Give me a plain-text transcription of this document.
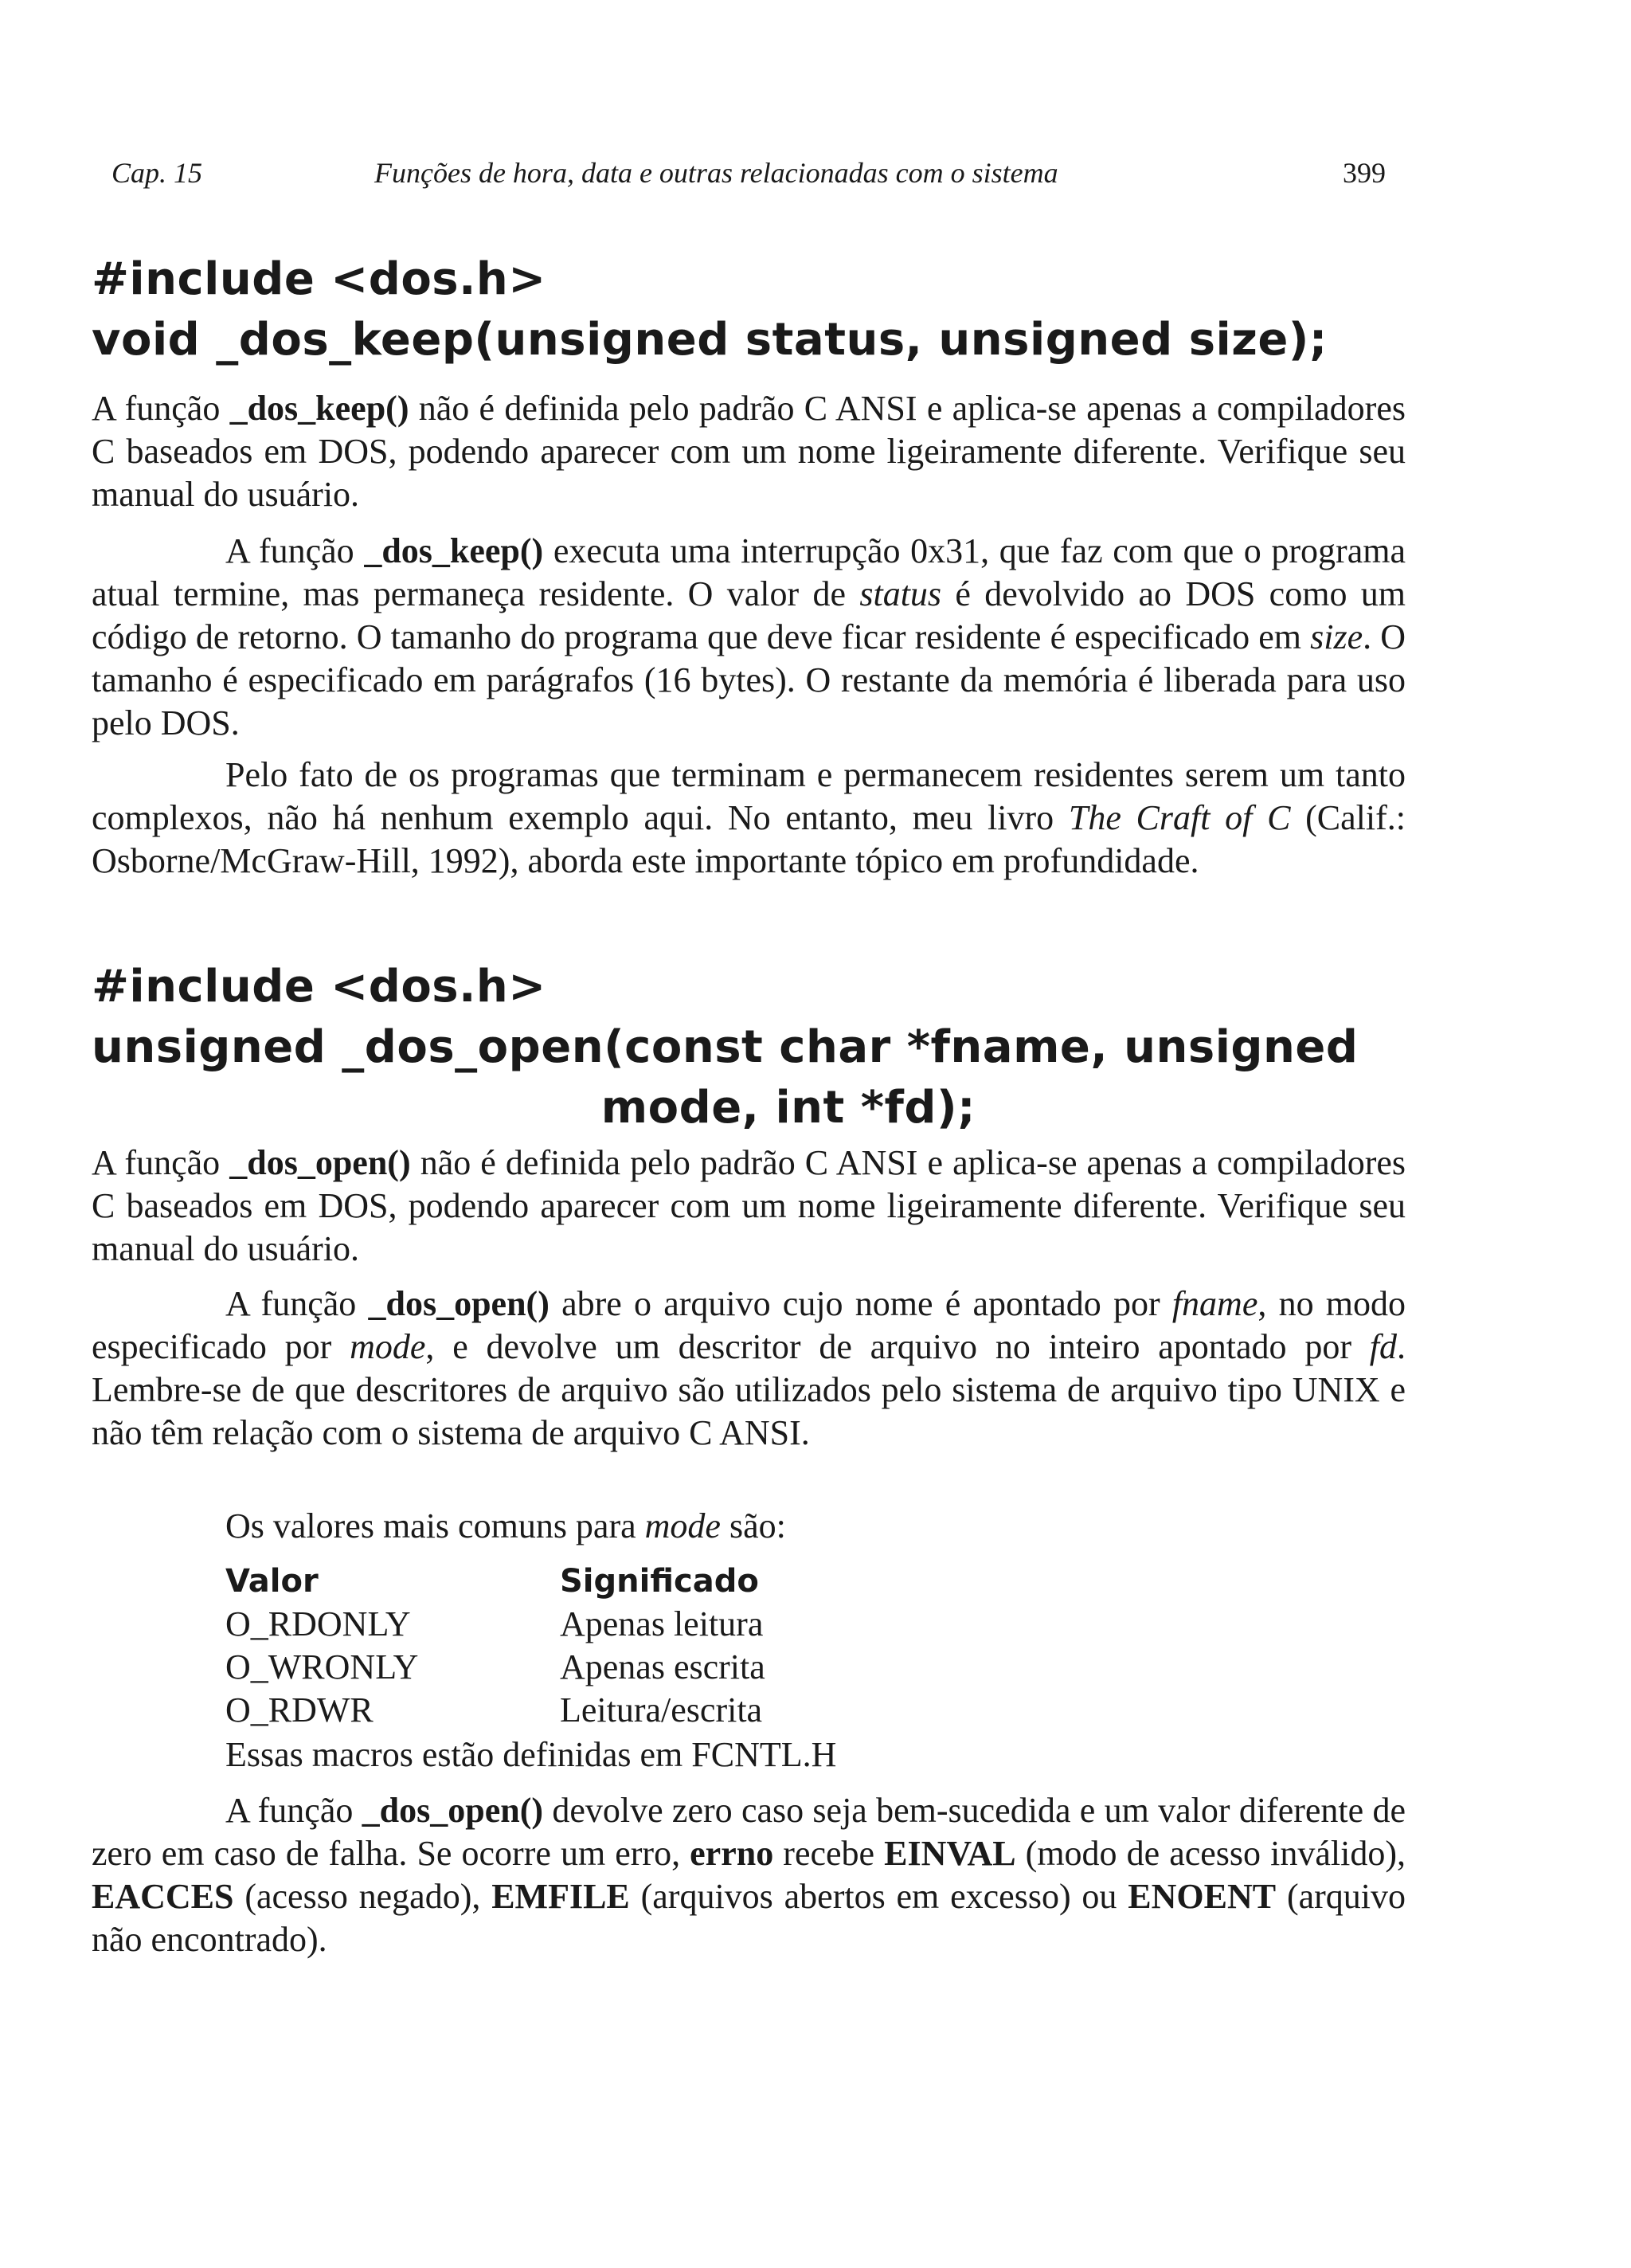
Cap. 15	Funções de hora, data e outras relacionadas com o sistema	399
#include <dos.h>
void _dos_keep(unsigned status, unsigned size);

A função _dos_keep() não é definida pelo padrão C ANSI e aplica-se apenas a compiladores C baseados em DOS, podendo aparecer com um nome ligeiramente diferente. Verifique seu manual do usuário.

A função _dos_keep() executa uma interrupção 0x31, que faz com que o programa atual termine, mas permaneça residente. O valor de status é devolvido ao DOS como um código de retorno. O tamanho do programa que deve ficar residente é especificado em size. O tamanho é especificado em parágrafos (16 bytes). O restante da memória é liberada para uso pelo DOS.

Pelo fato de os programas que terminam e permanecem residentes serem um tanto complexos, não há nenhum exemplo aqui. No entanto, meu livro The Craft of C (Calif.: Osborne/McGraw-Hill, 1992), aborda este importante tópico em profundidade.

#include <dos.h>
unsigned _dos_open(const char *fname, unsigned
mode, int *fd);

A função _dos_open() não é definida pelo padrão C ANSI e aplica-se apenas a compiladores C baseados em DOS, podendo aparecer com um nome ligeiramente diferente. Verifique seu manual do usuário.

A função _dos_open() abre o arquivo cujo nome é apontado por fname, no modo especificado por mode, e devolve um descritor de arquivo no inteiro apontado por fd. Lembre-se de que descritores de arquivo são utilizados pelo sistema de arquivo tipo UNIX e não têm relação com o sistema de arquivo C ANSI.

Os valores mais comuns para mode são:

Valor	Significado
O_RDONLY	Apenas leitura
O_WRONLY	Apenas escrita
O_RDWR	Leitura/escrita

Essas macros estão definidas em FCNTL.H

A função _dos_open() devolve zero caso seja bem-sucedida e um valor diferente de zero em caso de falha. Se ocorre um erro, errno recebe EINVAL (modo de acesso inválido), EACCES (acesso negado), EMFILE (arquivos abertos em excesso) ou ENOENT (arquivo não encontrado).
